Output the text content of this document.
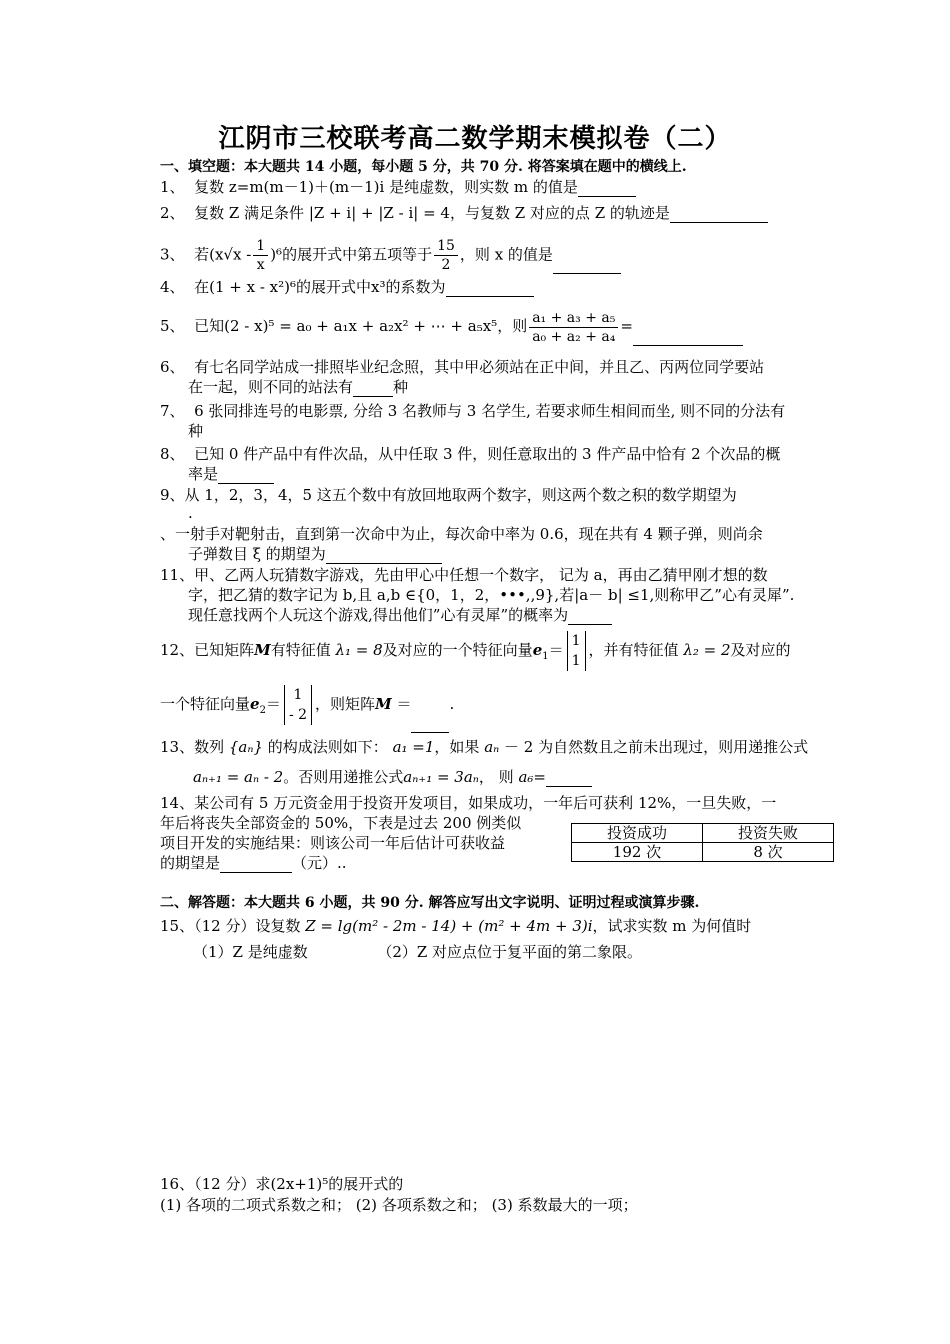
江阴市三校联考高二数学期末模拟卷（二）
一、填空题：本大题共 14 小题，每小题 5 分，共 70 分. 将答案填在题中的横线上.
1、 复数 z=m(m－1)＋(m－1)i 是纯虚数，则实数 m 的值是
2、 复数 Z 满足条件 |Z + i| + |Z - i| = 4，与复数 Z 对应的点 Z 的轨迹是
3、 若$(x√x - \frac{1}{x} )^6$的展开式中第五项等于 $\frac{15}{2}$ ，则 x 的值是
4、 在(1 + x - x²)⁶的展开式中x³的系数为
5、 已知(2 - x)⁵ = a₀ + a₁x + a₂x² + ⋯ + a₅x⁵，则 $\frac{\text{a₁ + a₃ + a₅}}{\text{a₀ + a₂ + a₄}}$ =
6、 有七名同学站成一排照毕业纪念照，其中甲必须站在正中间，并且乙、丙两位同学要站
在一起，则不同的站法有	种
7、 6 张同排连号的电影票, 分给 3 名教师与 3 名学生, 若要求师生相间而坐, 则不同的分法有
种
8、 已知 0 件产品中有件次品，从中任取 3 件，则任意取出的 3 件产品中恰有 2 个次品的概
率是
9、从 1，2，3，4，5 这五个数中有放回地取两个数字，则这两个数之积的数学期望为
.
、一射手对靶射击，直到第一次命中为止，每次命中率为 0.6，现在共有 4 颗子弹，则尚余
子弹数目 ξ 的期望为
11、甲、乙两人玩猜数字游戏，先由甲心中任想一个数字， 记为 a，再由乙猜甲刚才想的数
字，把乙猜的数字记为 b,且 a,b ∈{0，1，2，•••,,9},若|a－ b| ≤1,则称甲乙”心有灵犀”.
现任意找两个人玩这个游戏,得出他们”心有灵犀”的概率为
12、已知矩阵M有特征值 λ₁ = 8及对应的一个特征向量$e_1= 1$
1，并有特征值 λ₂ = 2及对应的
一个特征向量$e_2= 1$
- 2，则矩阵M ＝	.
13、数列 {aₙ} 的构成法则如下： a₁ =1，如果 aₙ － 2 为自然数且之前未出现过，则用递推公式
aₙ₊₁ = aₙ - 2。否则用递推公式aₙ₊₁ = 3aₙ， 则 a₆=
14、某公司有 5 万元资金用于投资开发项目，如果成功，一年后可获利 12%，一旦失败，一
年后将丧失全部资金的 50%，下表是过去 200 例类似
项目开发的实施结果：则该公司一年后估计可获收益
的期望是	（元）..
投资成功	投资失败
192 次	8 次
二、解答题：本大题共 6 小题，共 90 分. 解答应写出文字说明、证明过程或演算步骤.
15、（12 分）设复数 Z = lg(m² - 2m - 14) + (m² + 4m + 3)i，试求实数 m 为何值时
（1）Z 是纯虚数	（2）Z 对应点位于复平面的第二象限。
16、（12 分）求(2x+1)⁵的展开式的
(1) 各项的二项式系数之和； (2) 各项系数之和； (3) 系数最大的一项；
